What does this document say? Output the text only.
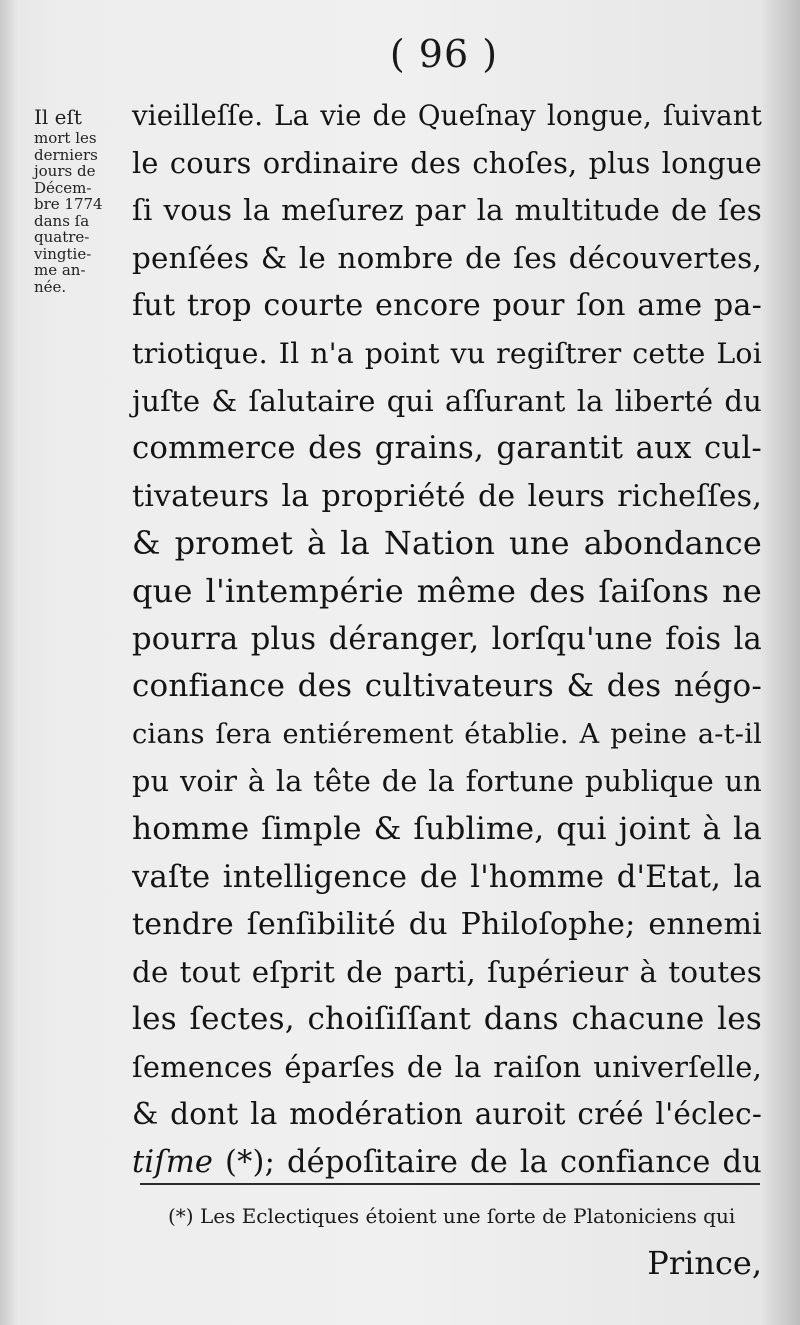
( 96 )
Il eſt
mort les
derniers
jours de
Décem-
bre 1774
dans ſa
quatre-
vingtie-
me an-
née.
vieilleſſe. La vie de Queſnay longue, ſuivant
le cours ordinaire des choſes, plus longue
ſi vous la meſurez par la multitude de ſes
penſées & le nombre de ſes découvertes,
fut trop courte encore pour ſon ame pa-
triotique. Il n'a point vu regiſtrer cette Loi
juſte & ſalutaire qui aſſurant la liberté du
commerce des grains, garantit aux cul-
tivateurs la propriété de leurs richeſſes,
& promet à la Nation une abondance
que l'intempérie même des ſaiſons ne
pourra plus déranger, lorſqu'une fois la
confiance des cultivateurs & des négo-
cians ſera entiérement établie. A peine a-t-il
pu voir à la tête de la fortune publique un
homme ſimple & ſublime, qui joint à la
vaſte intelligence de l'homme d'Etat, la
tendre ſenſibilité du Philoſophe; ennemi
de tout eſprit de parti, ſupérieur à toutes
les ſectes, choiſiſſant dans chacune les
ſemences éparſes de la raiſon univerſelle,
& dont la modération auroit créé l'éclec-
tiſme (*); dépoſitaire de la confiance du
(*) Les Eclectiques étoient une ſorte de Platoniciens qui
Prince,
